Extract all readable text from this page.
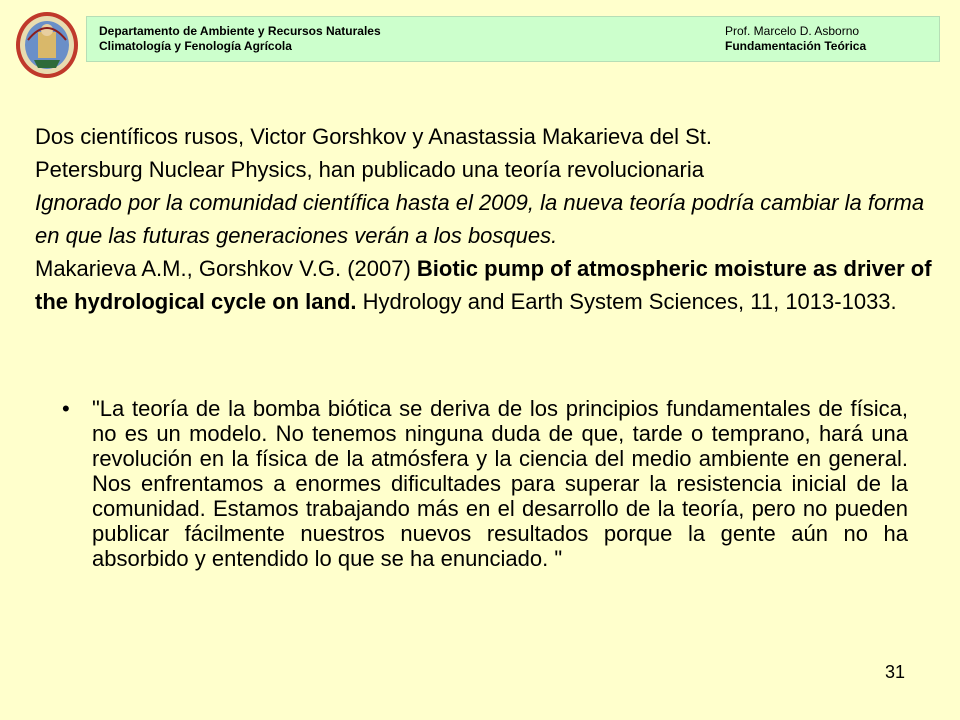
Departamento de Ambiente y Recursos Naturales
Climatología y Fenología Agrícola
Prof. Marcelo D. Asborno
Fundamentación Teórica
Dos científicos rusos, Victor Gorshkov y Anastassia Makarieva del St.
Petersburg Nuclear Physics, han publicado una teoría revolucionaria
Ignorado por la comunidad científica hasta el 2009, la nueva teoría podría cambiar la forma en que las futuras generaciones verán a los bosques.
Makarieva A.M., Gorshkov V.G. (2007) Biotic pump of atmospheric moisture as driver of the hydrological cycle on land. Hydrology and Earth System Sciences, 11, 1013-1033.
•	"La teoría de la bomba biótica se deriva de los principios fundamentales de física, no es un modelo. No tenemos ninguna duda de que, tarde o temprano, hará una revolución en la física de la atmósfera y la ciencia del medio ambiente en general. Nos enfrentamos a enormes dificultades para superar la resistencia inicial de la comunidad. Estamos trabajando más en el desarrollo de la teoría, pero no pueden publicar fácilmente nuestros nuevos resultados porque la gente aún no ha absorbido y entendido lo que se ha enunciado. "
31
